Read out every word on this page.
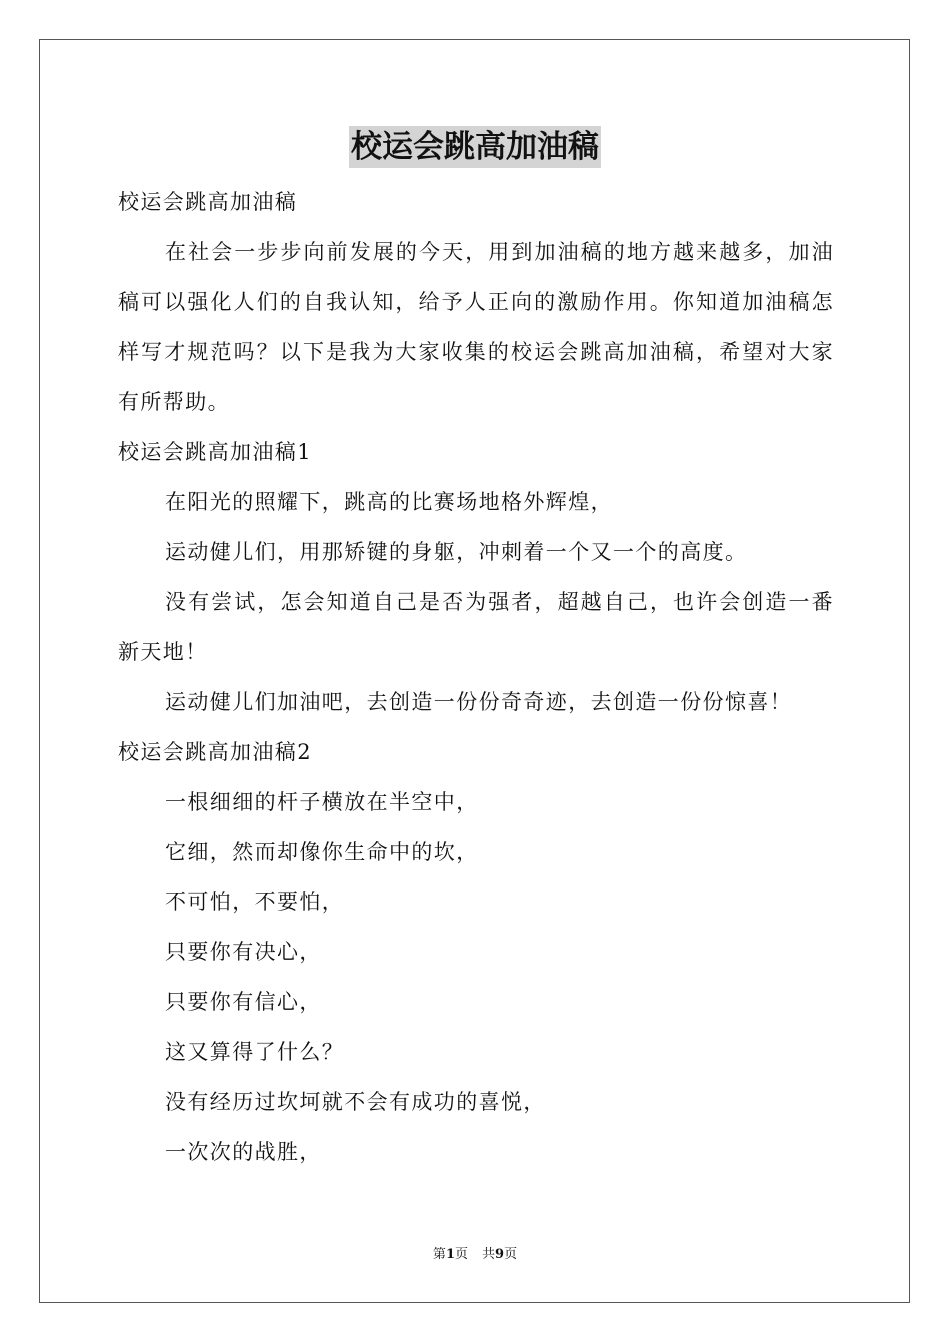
校运会跳高加油稿

校运会跳高加油稿

在社会一步步向前发展的今天，用到加油稿的地方越来越多，加油稿可以强化人们的自我认知，给予人正向的激励作用。你知道加油稿怎样写才规范吗？以下是我为大家收集的校运会跳高加油稿，希望对大家有所帮助。

校运会跳高加油稿1

在阳光的照耀下，跳高的比赛场地格外辉煌，

运动健儿们，用那矫键的身躯，冲刺着一个又一个的高度。

没有尝试，怎会知道自己是否为强者，超越自己，也许会创造一番新天地！

运动健儿们加油吧，去创造一份份奇奇迹，去创造一份份惊喜！

校运会跳高加油稿2

一根细细的杆子横放在半空中，

它细，然而却像你生命中的坎，

不可怕，不要怕，

只要你有决心，

只要你有信心，

这又算得了什么？

没有经历过坎坷就不会有成功的喜悦，

一次次的战胜，

第1页 共9页
